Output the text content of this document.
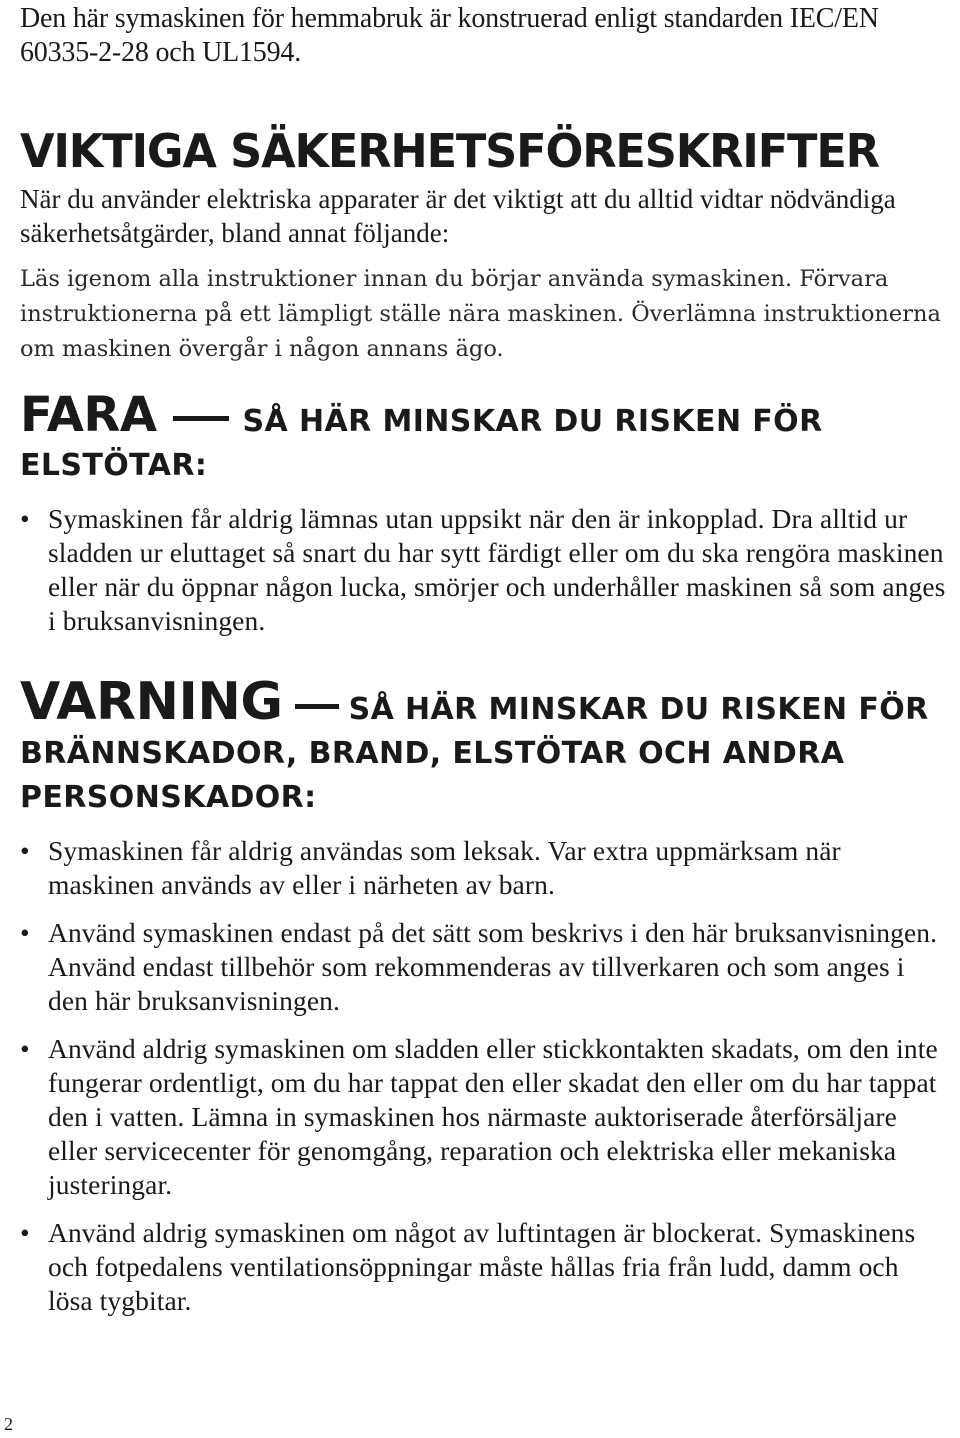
Den här symaskinen för hemmabruk är konstruerad enligt standarden IEC/EN 60335-2-28 och UL1594.

VIKTIGA SÄKERHETSFÖRESKRIFTER

När du använder elektriska apparater är det viktigt att du alltid vidtar nödvändiga säkerhetsåtgärder, bland annat följande:

Läs igenom alla instruktioner innan du börjar använda symaskinen. Förvara instruktionerna på ett lämpligt ställe nära maskinen. Överlämna instruktionerna om maskinen övergår i någon annans ägo.

FARA	SÅ HÄR MINSKAR DU RISKEN FÖR ELSTÖTAR:
• Symaskinen får aldrig lämnas utan uppsikt när den är inkopplad. Dra alltid ur sladden ur eluttaget så snart du har sytt färdigt eller om du ska rengöra maskinen eller när du öppnar någon lucka, smörjer och underhåller maskinen så som anges i bruksanvisningen.
VARNING SÅ HÄR MINSKAR DU RISKEN FÖR BRÄNNSKADOR, BRAND, ELSTÖTAR OCH ANDRA PERSONSKADOR:
• Symaskinen får aldrig användas som leksak. Var extra uppmärksam när maskinen används av eller i närheten av barn.
• Använd symaskinen endast på det sätt som beskrivs i den här bruksanvisningen. Använd endast tillbehör som rekommenderas av tillverkaren och som anges i den här bruksanvisningen.
• Använd aldrig symaskinen om sladden eller stickkontakten skadats, om den inte fungerar ordentligt, om du har tappat den eller skadat den eller om du har tappat den i vatten. Lämna in symaskinen hos närmaste auktoriserade återförsäljare eller servicecenter för genomgång, reparation och elektriska eller mekaniska justeringar.
• Använd aldrig symaskinen om något av luftintagen är blockerat. Symaskinens och fotpedalens ventilationsöppningar måste hållas fria från ludd, damm och lösa tygbitar.
2
